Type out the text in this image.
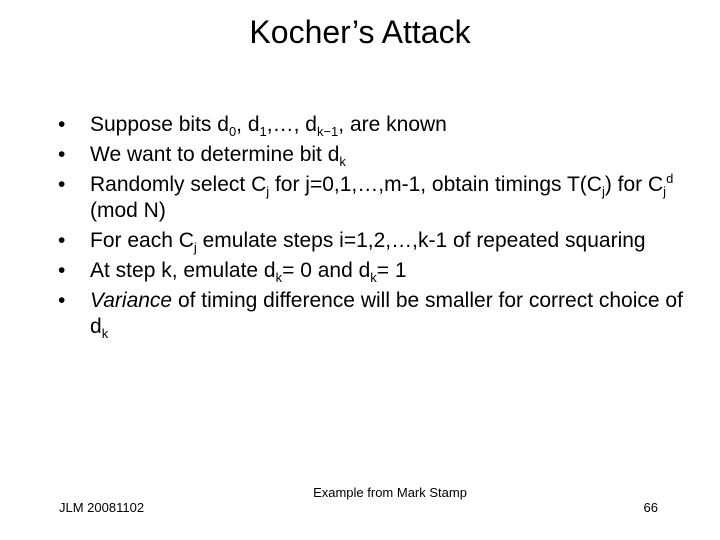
Kocher’s Attack
•	Suppose bits $d_0$, $d_1,\dots$, $d_{k-1}$, are known
•	We want to determine bit $d_k$
•	Randomly select $C_j$ for j=0,1,…,m-1, obtain timings $T(C_j)$ for $C_j^d$ (mod N)
•	For each $C_j$ emulate steps i=1,2,…,k-1 of repeated squaring
•	At step k, emulate $d_k= 0$ and $d_k= 1$
•	Variance of timing difference will be smaller for correct choice of $d_k$
JLM 20081102
Example from Mark Stamp
66
